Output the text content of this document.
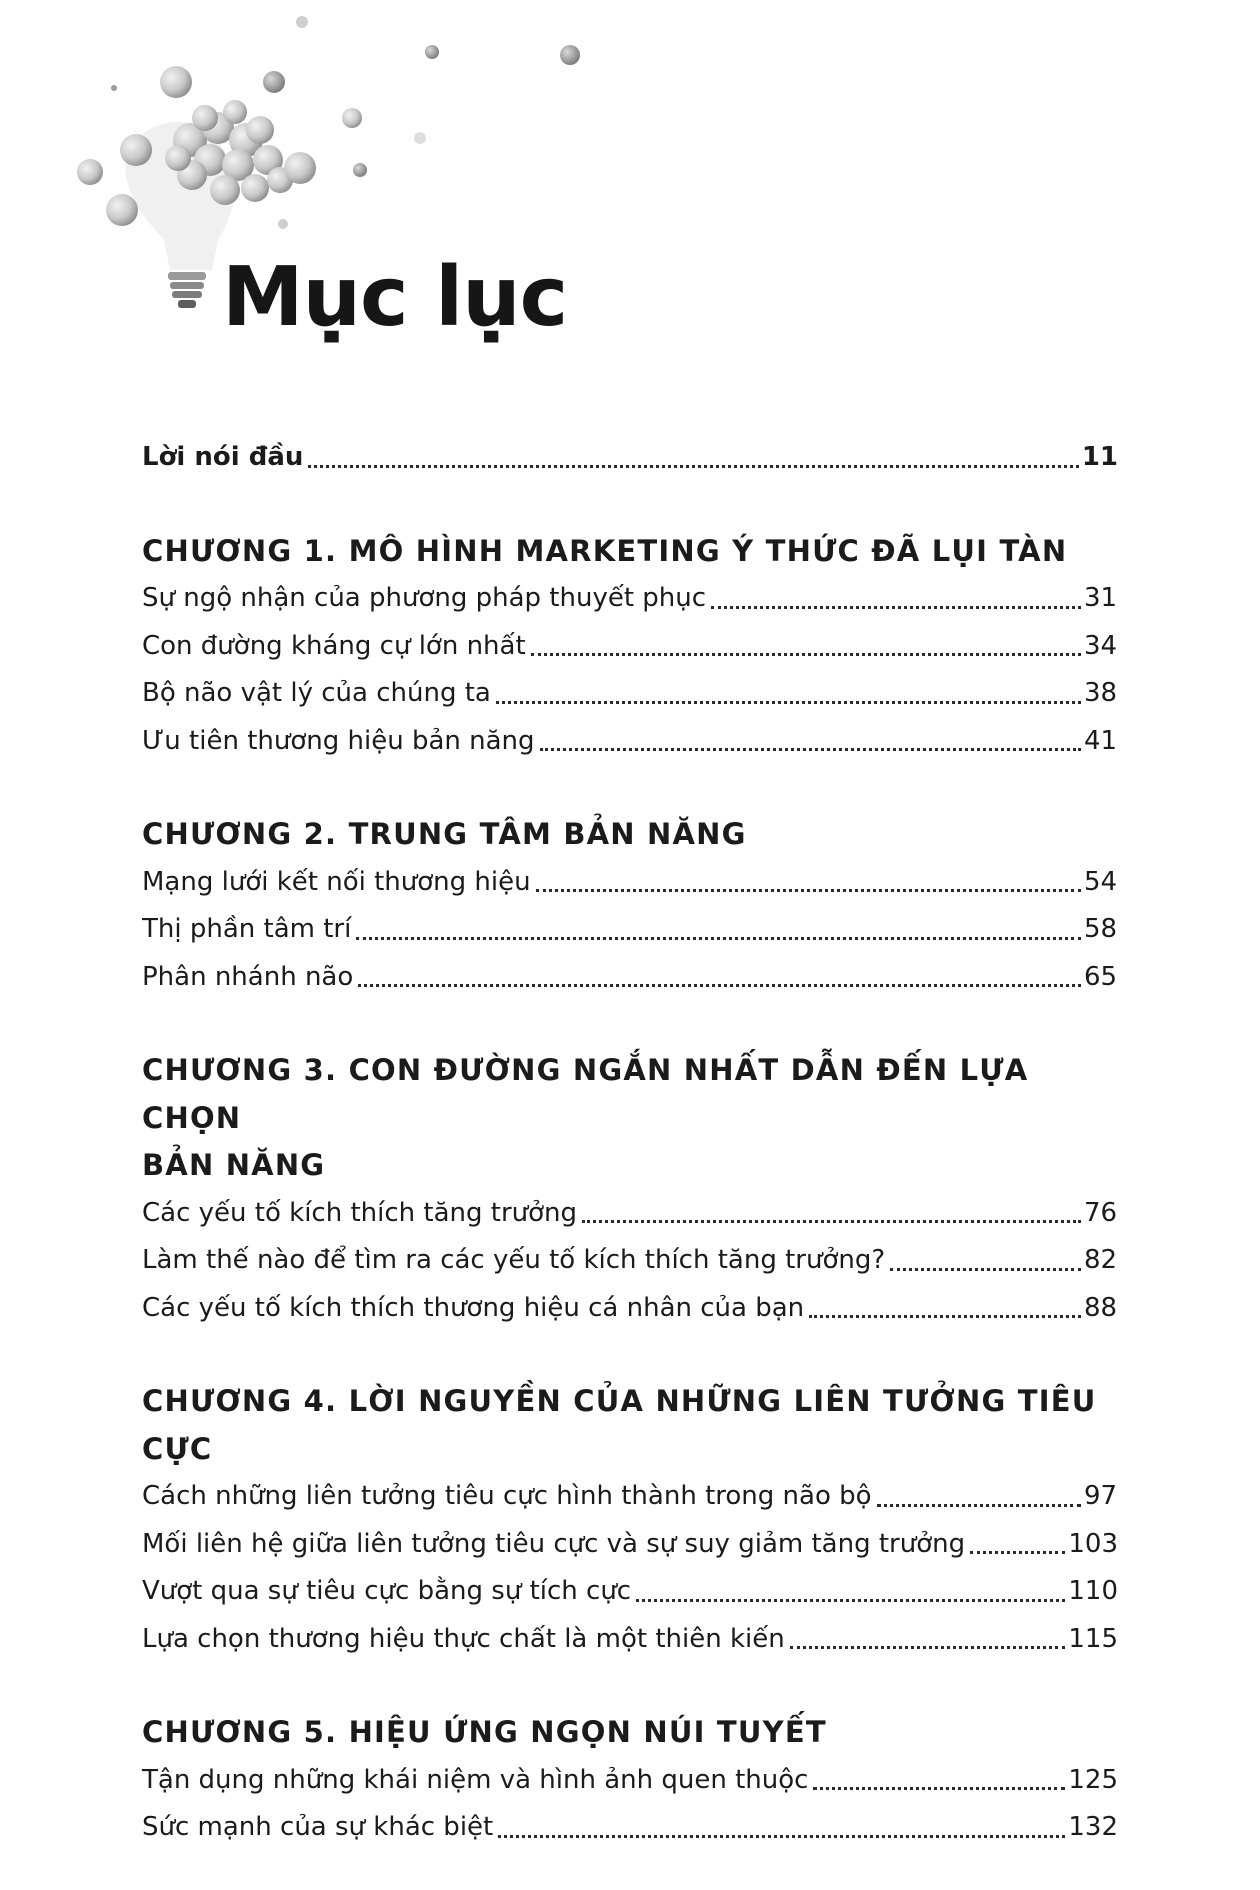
Mục lục
Lời nói đầu	11
CHƯƠNG 1. MÔ HÌNH MARKETING Ý THỨC ĐÃ LỤI TÀN
Sự ngộ nhận của phương pháp thuyết phục	31
Con đường kháng cự lớn nhất	34
Bộ não vật lý của chúng ta	38
Ưu tiên thương hiệu bản năng	41
CHƯƠNG 2. TRUNG TÂM BẢN NĂNG
Mạng lưới kết nối thương hiệu	54
Thị phần tâm trí	58
Phân nhánh não	65
CHƯƠNG 3. CON ĐƯỜNG NGẮN NHẤT DẪN ĐẾN LỰA CHỌN
BẢN NĂNG
Các yếu tố kích thích tăng trưởng	76
Làm thế nào để tìm ra các yếu tố kích thích tăng trưởng?	82
Các yếu tố kích thích thương hiệu cá nhân của bạn	88
CHƯƠNG 4. LỜI NGUYỀN CỦA NHỮNG LIÊN TƯỞNG TIÊU CỰC
Cách những liên tưởng tiêu cực hình thành trong não bộ	97
Mối liên hệ giữa liên tưởng tiêu cực và sự suy giảm tăng trưởng	103
Vượt qua sự tiêu cực bằng sự tích cực	110
Lựa chọn thương hiệu thực chất là một thiên kiến	115
CHƯƠNG 5. HIỆU ỨNG NGỌN NÚI TUYẾT
Tận dụng những khái niệm và hình ảnh quen thuộc	125
Sức mạnh của sự khác biệt	132
